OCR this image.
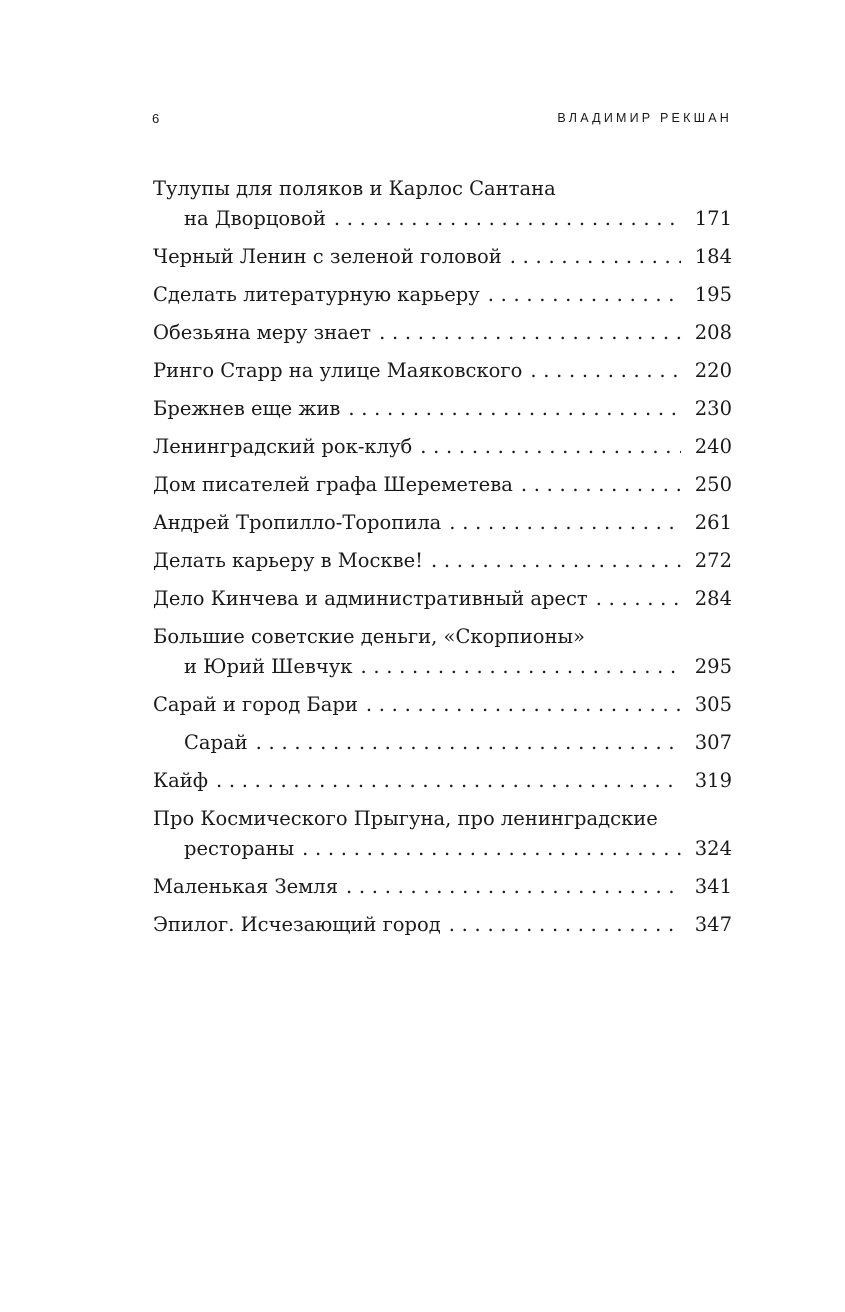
6	ВЛАДИМИР РЕКШАН
Тулупы для поляков и Карлос Сантана
на Дворцовой . . .	171
Черный Ленин с зеленой головой . . .	184
Сделать литературную карьеру . . .	195
Обезьяна меру знает . . .	208
Ринго Старр на улице Маяковского . . .	220
Брежнев еще жив . . .	230
Ленинградский рок-клуб . . .	240
Дом писателей графа Шереметева . . .	250
Андрей Тропилло-Торопила . . .	261
Делать карьеру в Москве! . . .	272
Дело Кинчева и административный арест . . .	284
Большие советские деньги, «Скорпионы»
и Юрий Шевчук . . .	295
Сарай и город Бари . . .	305
Сарай . . .	307
Кайф . . .	319
Про Космического Прыгуна, про ленинградские
рестораны . . .	324
Маленькая Земля . . .	341
Эпилог. Исчезающий город . . .	347
